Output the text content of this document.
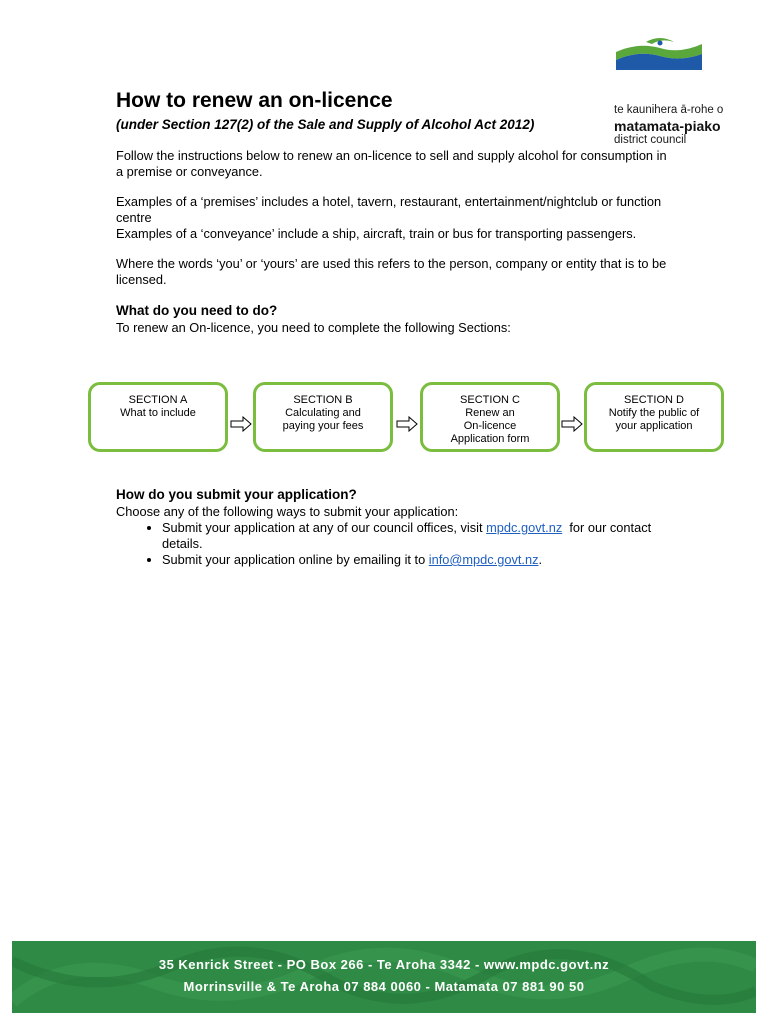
te kaunihera ā-rohe o
matamata-piako
district council
How to renew an on-licence

(under Section 127(2) of the Sale and Supply of Alcohol Act 2012)

Follow the instructions below to renew an on-licence to sell and supply alcohol for consumption in a premise or conveyance.

Examples of a ‘premises’ includes a hotel, tavern, restaurant, entertainment/nightclub or function centre

Examples of a ‘conveyance’ include a ship, aircraft, train or bus for transporting passengers.

Where the words ‘you’ or ‘yours’ are used this refers to the person, company or entity that is to be licensed.

What do you need to do?

To renew an On-licence, you need to complete the following Sections:

SECTION A
What to include
SECTION B
Calculating and
paying your fees
SECTION C
Renew an
On-licence
Application form
SECTION D
Notify the public of
your application
How do you submit your application?

Choose any of the following ways to submit your application:

• Submit your application at any of our council offices, visit mpdc.govt.nz  for our contact details.
• Submit your application online by emailing it to info@mpdc.govt.nz.
35 Kenrick Street - PO Box 266 - Te Aroha 3342 - www.mpdc.govt.nz
Morrinsville & Te Aroha 07 884 0060 - Matamata 07 881 90 50
